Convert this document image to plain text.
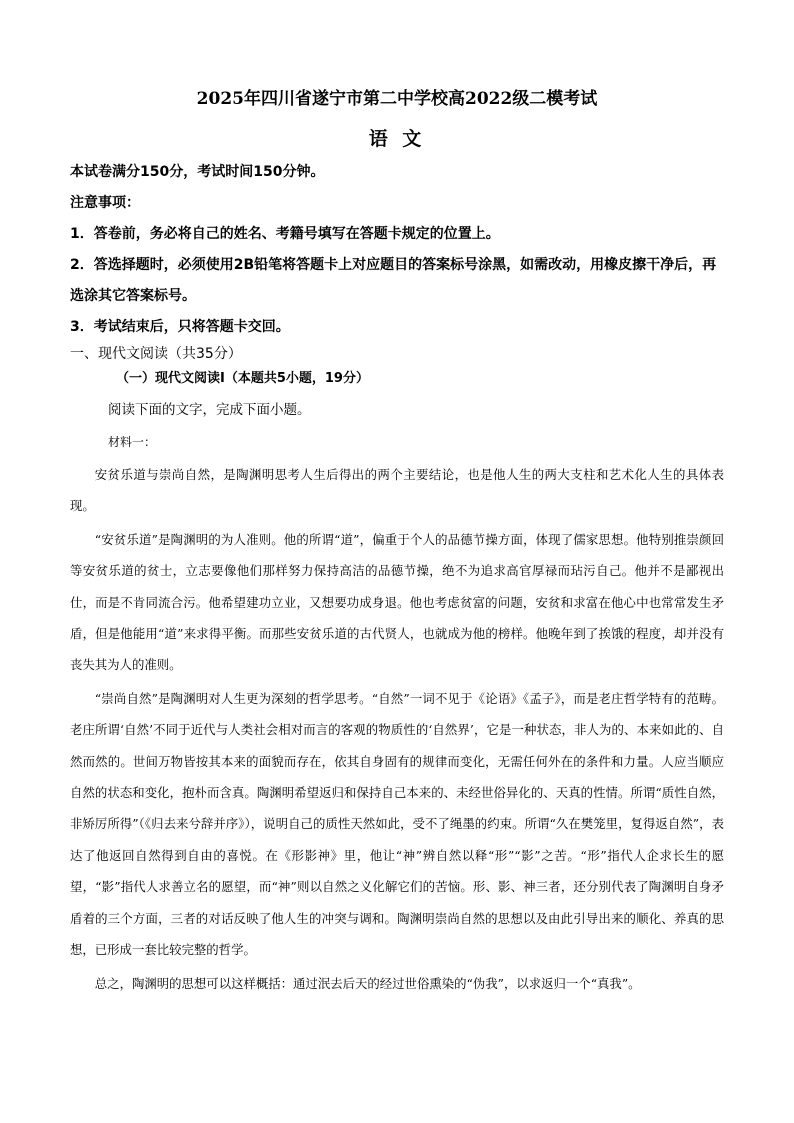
2025年四川省遂宁市第二中学校高2022级二模考试
语 文

本试卷满分150分，考试时间150分钟。

注意事项：

1．答卷前，务必将自己的姓名、考籍号填写在答题卡规定的位置上。

2．答选择题时，必须使用2B铅笔将答题卡上对应题目的答案标号涂黑，如需改动，用橡皮擦干净后，再选涂其它答案标号。

3．考试结束后，只将答题卡交回。

一、现代文阅读（共35分）

（一）现代文阅读Ⅰ（本题共5小题，19分）

阅读下面的文字，完成下面小题。

材料一：

安贫乐道与崇尚自然，是陶渊明思考人生后得出的两个主要结论，也是他人生的两大支柱和艺术化人生的具体表现。

“安贫乐道”是陶渊明的为人准则。他的所谓“道”，偏重于个人的品德节操方面，体现了儒家思想。他特别推崇颜回等安贫乐道的贫士，立志要像他们那样努力保持高洁的品德节操，绝不为追求高官厚禄而玷污自己。他并不是鄙视出仕，而是不肯同流合污。他希望建功立业，又想要功成身退。他也考虑贫富的问题，安贫和求富在他心中也常常发生矛盾，但是他能用“道”来求得平衡。而那些安贫乐道的古代贤人，也就成为他的榜样。他晚年到了挨饿的程度，却并没有丧失其为人的准则。

“崇尚自然”是陶渊明对人生更为深刻的哲学思考。“自然”一词不见于《论语》《孟子》，而是老庄哲学特有的范畴。老庄所谓‘自然’不同于近代与人类社会相对而言的客观的物质性的‘自然界’，它是一种状态，非人为的、本来如此的、自然而然的。世间万物皆按其本来的面貌而存在，依其自身固有的规律而变化，无需任何外在的条件和力量。人应当顺应自然的状态和变化，抱朴而含真。陶渊明希望返归和保持自己本来的、未经世俗异化的、天真的性情。所谓“质性自然，非矫厉所得”（《归去来兮辞并序》），说明自己的质性天然如此，受不了绳墨的约束。所谓“久在樊笼里，复得返自然”，表达了他返回自然得到自由的喜悦。在《形影神》里，他让“神”辨自然以释“形”“影”之苦。“形”指代人企求长生的愿望，“影”指代人求善立名的愿望，而“神”则以自然之义化解它们的苦恼。形、影、神三者，还分别代表了陶渊明自身矛盾着的三个方面，三者的对话反映了他人生的冲突与调和。陶渊明崇尚自然的思想以及由此引导出来的顺化、养真的思想，已形成一套比较完整的哲学。

总之，陶渊明的思想可以这样概括：通过泯去后天的经过世俗熏染的“伪我”，以求返归一个“真我”。
